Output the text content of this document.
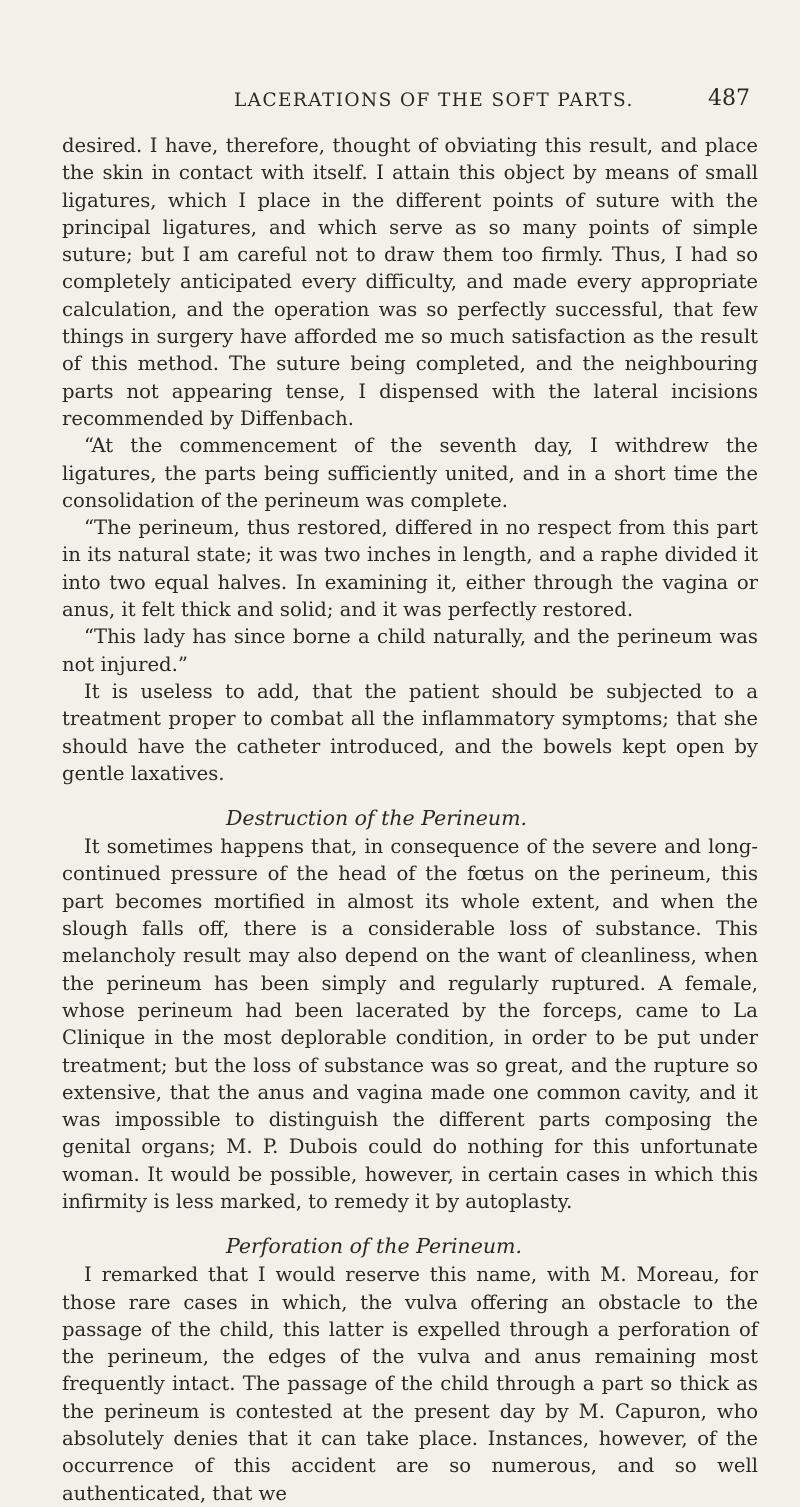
LACERATIONS OF THE SOFT PARTS.	487

desired. I have, therefore, thought of obviating this result, and place the skin in contact with itself. I attain this object by means of small ligatures, which I place in the different points of suture with the principal ligatures, and which serve as so many points of simple suture; but I am careful not to draw them too firmly. Thus, I had so completely anticipated every difficulty, and made every appropriate calculation, and the operation was so perfectly successful, that few things in surgery have afforded me so much satisfaction as the result of this method. The suture being completed, and the neighbouring parts not appearing tense, I dispensed with the lateral incisions recommended by Diffenbach.

“At the commencement of the seventh day, I withdrew the ligatures, the parts being sufficiently united, and in a short time the consolidation of the perineum was complete.

“The perineum, thus restored, differed in no respect from this part in its natural state; it was two inches in length, and a raphe divided it into two equal halves. In examining it, either through the vagina or anus, it felt thick and solid; and it was perfectly restored.

“This lady has since borne a child naturally, and the perineum was not injured.”

It is useless to add, that the patient should be subjected to a treatment proper to combat all the inflammatory symptoms; that she should have the catheter introduced, and the bowels kept open by gentle laxatives.

Destruction of the Perineum.

It sometimes happens that, in consequence of the severe and long-continued pressure of the head of the fœtus on the perineum, this part becomes mortified in almost its whole extent, and when the slough falls off, there is a considerable loss of substance. This melancholy result may also depend on the want of cleanliness, when the perineum has been simply and regularly ruptured. A female, whose perineum had been lacerated by the forceps, came to La Clinique in the most deplorable condition, in order to be put under treatment; but the loss of substance was so great, and the rupture so extensive, that the anus and vagina made one common cavity, and it was impossible to distinguish the different parts composing the genital organs; M. P. Dubois could do nothing for this unfortunate woman. It would be possible, however, in certain cases in which this infirmity is less marked, to remedy it by autoplasty.

Perforation of the Perineum.

I remarked that I would reserve this name, with M. Moreau, for those rare cases in which, the vulva offering an obstacle to the passage of the child, this latter is expelled through a perforation of the perineum, the edges of the vulva and anus remaining most frequently intact. The passage of the child through a part so thick as the perineum is contested at the present day by M. Capuron, who absolutely denies that it can take place. Instances, however, of the occurrence of this accident are so numerous, and so well authenticated, that we
